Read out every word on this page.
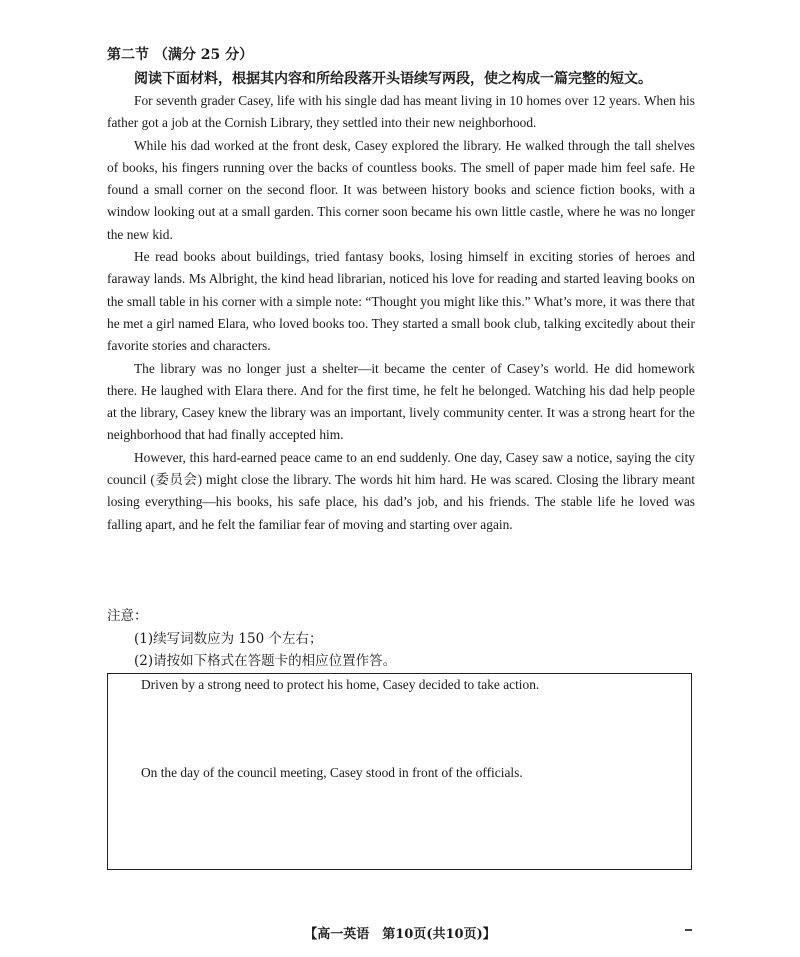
第二节 （满分 25 分）
阅读下面材料，根据其内容和所给段落开头语续写两段，使之构成一篇完整的短文。

For seventh grader Casey, life with his single dad has meant living in 10 homes over 12 years. When his father got a job at the Cornish Library, they settled into their new neighborhood.

While his dad worked at the front desk, Casey explored the library. He walked through the tall shelves of books, his fingers running over the backs of countless books. The smell of paper made him feel safe. He found a small corner on the second floor. It was between history books and science fiction books, with a window looking out at a small garden. This corner soon became his own little castle, where he was no longer the new kid.

He read books about buildings, tried fantasy books, losing himself in exciting stories of heroes and faraway lands. Ms Albright, the kind head librarian, noticed his love for reading and started leaving books on the small table in his corner with a simple note: “Thought you might like this.” What’s more, it was there that he met a girl named Elara, who loved books too. They started a small book club, talking excitedly about their favorite stories and characters.

The library was no longer just a shelter—it became the center of Casey’s world. He did homework there. He laughed with Elara there. And for the first time, he felt he belonged. Watching his dad help people at the library, Casey knew the library was an important, lively community center. It was a strong heart for the neighborhood that had finally accepted him.

However, this hard-earned peace came to an end suddenly. One day, Casey saw a notice, saying the city council (委员会) might close the library. The words hit him hard. He was scared. Closing the library meant losing everything—his books, his safe place, his dad’s job, and his friends. The stable life he loved was falling apart, and he felt the familiar fear of moving and starting over again.

注意：
(1)续写词数应为 150 个左右；
(2)请按如下格式在答题卡的相应位置作答。
Driven by a strong need to protect his home, Casey decided to take action.
On the day of the council meeting, Casey stood in front of the officials.
【高一英语　第10页(共10页)】
